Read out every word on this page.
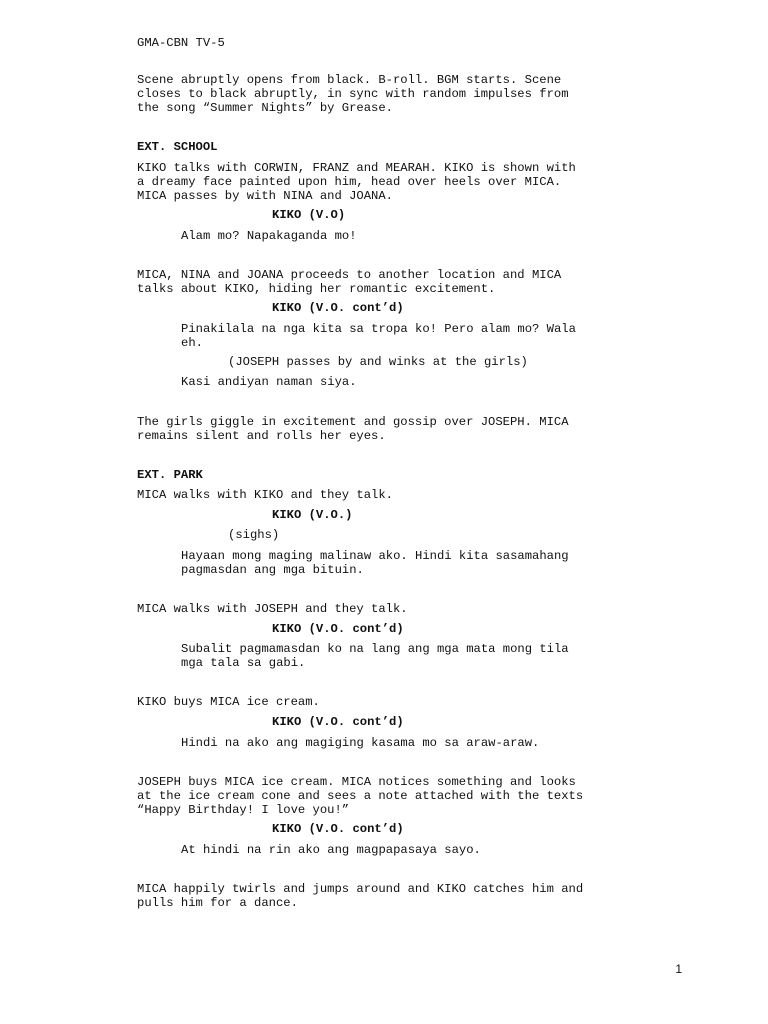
GMA-CBN TV-5
Scene abruptly opens from black. B-roll. BGM starts. Scene
closes to black abruptly, in sync with random impulses from
the song “Summer Nights” by Grease.
EXT. SCHOOL
KIKO talks with CORWIN, FRANZ and MEARAH. KIKO is shown with
a dreamy face painted upon him, head over heels over MICA.
MICA passes by with NINA and JOANA.
KIKO (V.O)
Alam mo? Napakaganda mo!
MICA, NINA and JOANA proceeds to another location and MICA
talks about KIKO, hiding her romantic excitement.
KIKO (V.O. cont’d)
Pinakilala na nga kita sa tropa ko! Pero alam mo? Wala
eh.
(JOSEPH passes by and winks at the girls)
Kasi andiyan naman siya.
The girls giggle in excitement and gossip over JOSEPH. MICA
remains silent and rolls her eyes.
EXT. PARK
MICA walks with KIKO and they talk.
KIKO (V.O.)
(sighs)
Hayaan mong maging malinaw ako. Hindi kita sasamahang
pagmasdan ang mga bituin.
MICA walks with JOSEPH and they talk.
KIKO (V.O. cont’d)
Subalit pagmamasdan ko na lang ang mga mata mong tila
mga tala sa gabi.
KIKO buys MICA ice cream.
KIKO (V.O. cont’d)
Hindi na ako ang magiging kasama mo sa araw-araw.
JOSEPH buys MICA ice cream. MICA notices something and looks
at the ice cream cone and sees a note attached with the texts
“Happy Birthday! I love you!”
KIKO (V.O. cont’d)
At hindi na rin ako ang magpapasaya sayo.
MICA happily twirls and jumps around and KIKO catches him and
pulls him for a dance.
1
